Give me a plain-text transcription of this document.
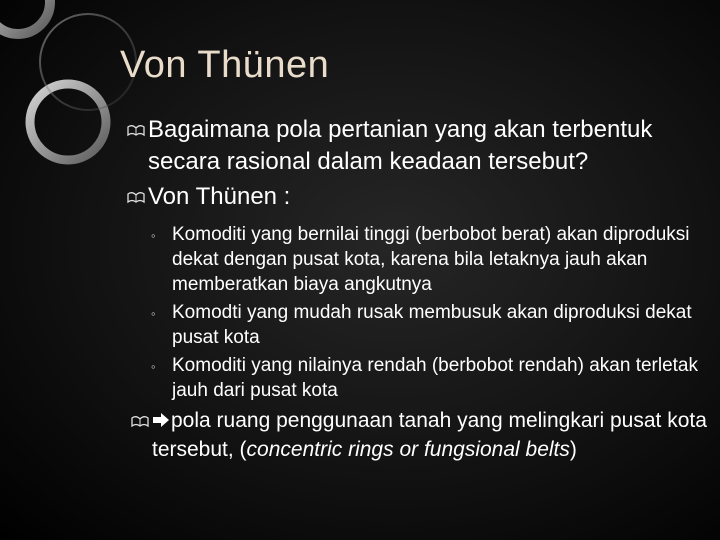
Von Thünen
Bagaimana pola pertanian yang akan terbentuk secara rasional dalam keadaan tersebut?
Von Thünen :
◦ Komoditi yang bernilai tinggi (berbobot berat) akan diproduksi dekat dengan pusat kota, karena bila letaknya jauh akan memberatkan biaya angkutnya
◦ Komodti yang mudah rusak membusuk akan diproduksi dekat pusat kota
◦ Komoditi yang nilainya rendah (berbobot rendah) akan terletak jauh dari pusat kota
pola ruang penggunaan tanah yang melingkari pusat kota tersebut, (concentric rings or fungsional belts)
